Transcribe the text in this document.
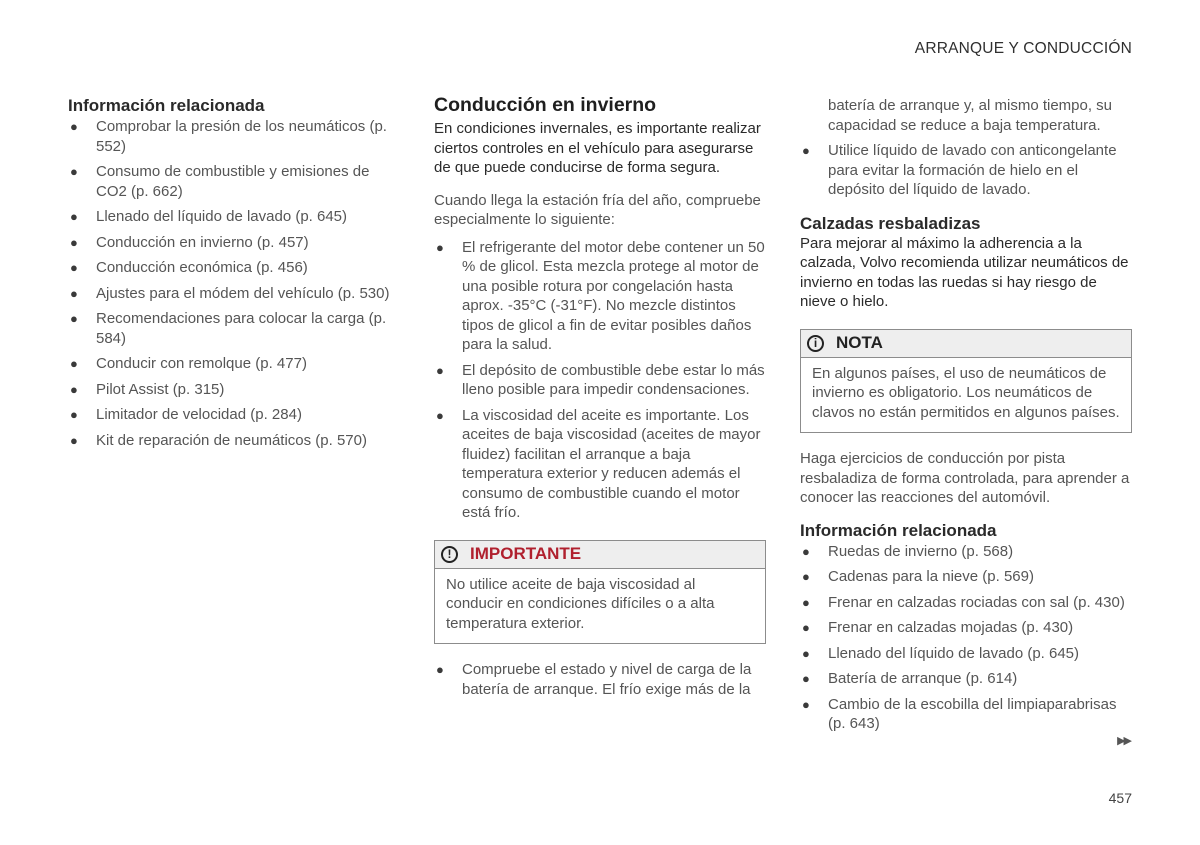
ARRANQUE Y CONDUCCIÓN
Información relacionada
● Comprobar la presión de los neumáticos (p. 552)
● Consumo de combustible y emisiones de CO2 (p. 662)
● Llenado del líquido de lavado (p. 645)
● Conducción en invierno (p. 457)
● Conducción económica (p. 456)
● Ajustes para el módem del vehículo (p. 530)
● Recomendaciones para colocar la carga (p. 584)
● Conducir con remolque (p. 477)
● Pilot Assist (p. 315)
● Limitador de velocidad (p. 284)
● Kit de reparación de neumáticos (p. 570)
Conducción en invierno

En condiciones invernales, es importante realizar ciertos controles en el vehículo para asegurarse de que puede conducirse de forma segura.

Cuando llega la estación fría del año, compruebe especialmente lo siguiente:

● El refrigerante del motor debe contener un 50 % de glicol. Esta mezcla protege al motor de una posible rotura por congelación hasta aprox. -35°C (-31°F). No mezcle distintos tipos de glicol a fin de evitar posibles daños para la salud.
● El depósito de combustible debe estar lo más lleno posible para impedir condensaciones.
● La viscosidad del aceite es importante. Los aceites de baja viscosidad (aceites de mayor fluidez) facilitan el arranque a baja temperatura exterior y reducen además el consumo de combustible cuando el motor está frío.
!	IMPORTANTE

No utilice aceite de baja viscosidad al conducir en condiciones difíciles o a alta temperatura exterior.

● Compruebe el estado y nivel de carga de la batería de arranque. El frío exige más de la

batería de arranque y, al mismo tiempo, su capacidad se reduce a baja temperatura.

● Utilice líquido de lavado con anticongelante para evitar la formación de hielo en el depósito del líquido de lavado.
Calzadas resbaladizas

Para mejorar al máximo la adherencia a la calzada, Volvo recomienda utilizar neumáticos de invierno en todas las ruedas si hay riesgo de nieve o hielo.

i	NOTA

En algunos países, el uso de neumáticos de invierno es obligatorio. Los neumáticos de clavos no están permitidos en algunos países.

Haga ejercicios de conducción por pista resbaladiza de forma controlada, para aprender a conocer las reacciones del automóvil.

Información relacionada
● Ruedas de invierno (p. 568)
● Cadenas para la nieve (p. 569)
● Frenar en calzadas rociadas con sal (p. 430)
● Frenar en calzadas mojadas (p. 430)
● Llenado del líquido de lavado (p. 645)
● Batería de arranque (p. 614)
● Cambio de la escobilla del limpiaparabrisas (p. 643)
▶▶
457
